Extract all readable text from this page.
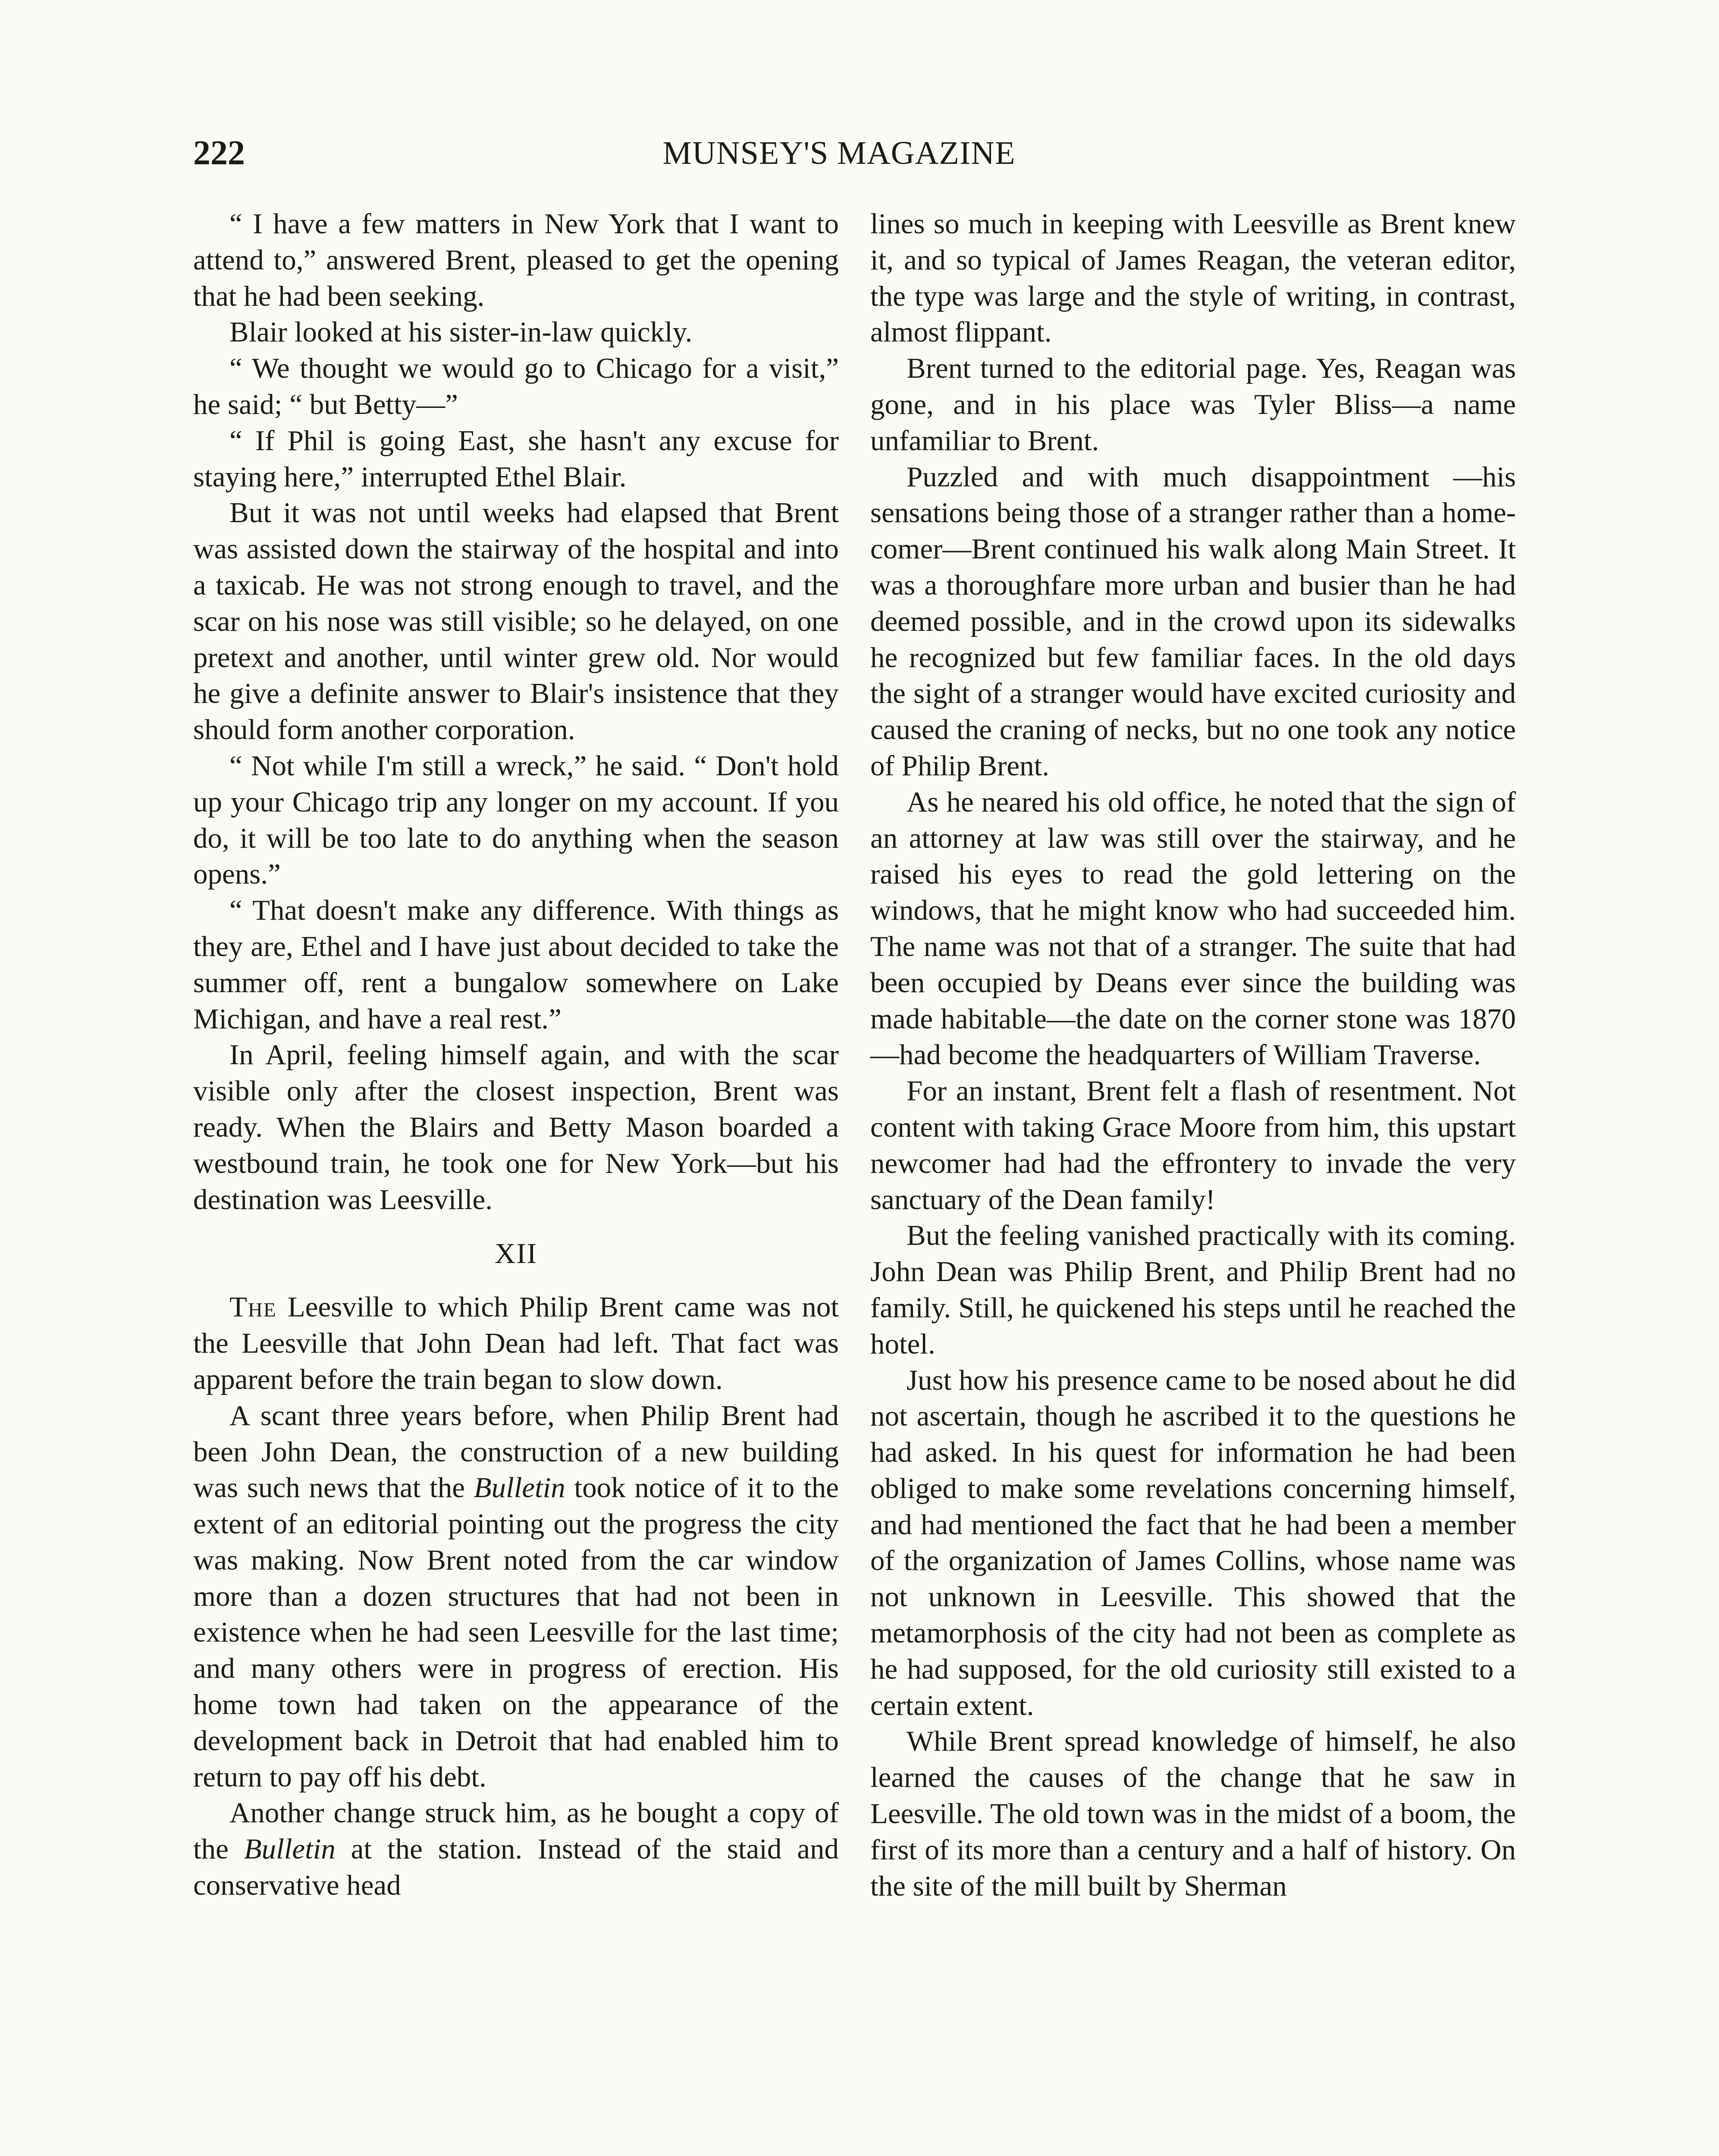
222	MUNSEY'S MAGAZINE

“ I have a few matters in New York that I want to attend to,” answered Brent, pleased to get the opening that he had been seeking.

Blair looked at his sister-in-law quickly.

“ We thought we would go to Chicago for a visit,” he said; “ but Betty—”

“ If Phil is going East, she hasn't any excuse for staying here,” interrupted Ethel Blair.

But it was not until weeks had elapsed that Brent was assisted down the stairway of the hospital and into a taxicab. He was not strong enough to travel, and the scar on his nose was still visible; so he delayed, on one pretext and another, until winter grew old. Nor would he give a definite answer to Blair's insistence that they should form another corporation.

“ Not while I'm still a wreck,” he said. “ Don't hold up your Chicago trip any longer on my account. If you do, it will be too late to do anything when the season opens.”

“ That doesn't make any difference. With things as they are, Ethel and I have just about decided to take the summer off, rent a bungalow somewhere on Lake Michigan, and have a real rest.”

In April, feeling himself again, and with the scar visible only after the closest inspection, Brent was ready. When the Blairs and Betty Mason boarded a westbound train, he took one for New York—but his destination was Leesville.

XII

The Leesville to which Philip Brent came was not the Leesville that John Dean had left. That fact was apparent before the train began to slow down.

A scant three years before, when Philip Brent had been John Dean, the construction of a new building was such news that the Bulletin took notice of it to the extent of an editorial pointing out the progress the city was making. Now Brent noted from the car window more than a dozen structures that had not been in existence when he had seen Leesville for the last time; and many others were in progress of erection. His home town had taken on the appearance of the development back in Detroit that had enabled him to return to pay off his debt.

Another change struck him, as he bought a copy of the Bulletin at the station. Instead of the staid and conservative head

lines so much in keeping with Leesville as Brent knew it, and so typical of James Reagan, the veteran editor, the type was large and the style of writing, in contrast, almost flippant.

Brent turned to the editorial page. Yes, Reagan was gone, and in his place was Tyler Bliss—a name unfamiliar to Brent.

Puzzled and with much disappointment —his sensations being those of a stranger rather than a home-comer—Brent continued his walk along Main Street. It was a thoroughfare more urban and busier than he had deemed possible, and in the crowd upon its sidewalks he recognized but few familiar faces. In the old days the sight of a stranger would have excited curiosity and caused the craning of necks, but no one took any notice of Philip Brent.

As he neared his old office, he noted that the sign of an attorney at law was still over the stairway, and he raised his eyes to read the gold lettering on the windows, that he might know who had succeeded him. The name was not that of a stranger. The suite that had been occupied by Deans ever since the building was made habitable—the date on the corner stone was 1870—had become the headquarters of William Traverse.

For an instant, Brent felt a flash of resentment. Not content with taking Grace Moore from him, this upstart newcomer had had the effrontery to invade the very sanctuary of the Dean family!

But the feeling vanished practically with its coming. John Dean was Philip Brent, and Philip Brent had no family. Still, he quickened his steps until he reached the hotel.

Just how his presence came to be nosed about he did not ascertain, though he ascribed it to the questions he had asked. In his quest for information he had been obliged to make some revelations concerning himself, and had mentioned the fact that he had been a member of the organization of James Collins, whose name was not unknown in Leesville. This showed that the metamorphosis of the city had not been as complete as he had supposed, for the old curiosity still existed to a certain extent.

While Brent spread knowledge of himself, he also learned the causes of the change that he saw in Leesville. The old town was in the midst of a boom, the first of its more than a century and a half of history. On the site of the mill built by Sherman
